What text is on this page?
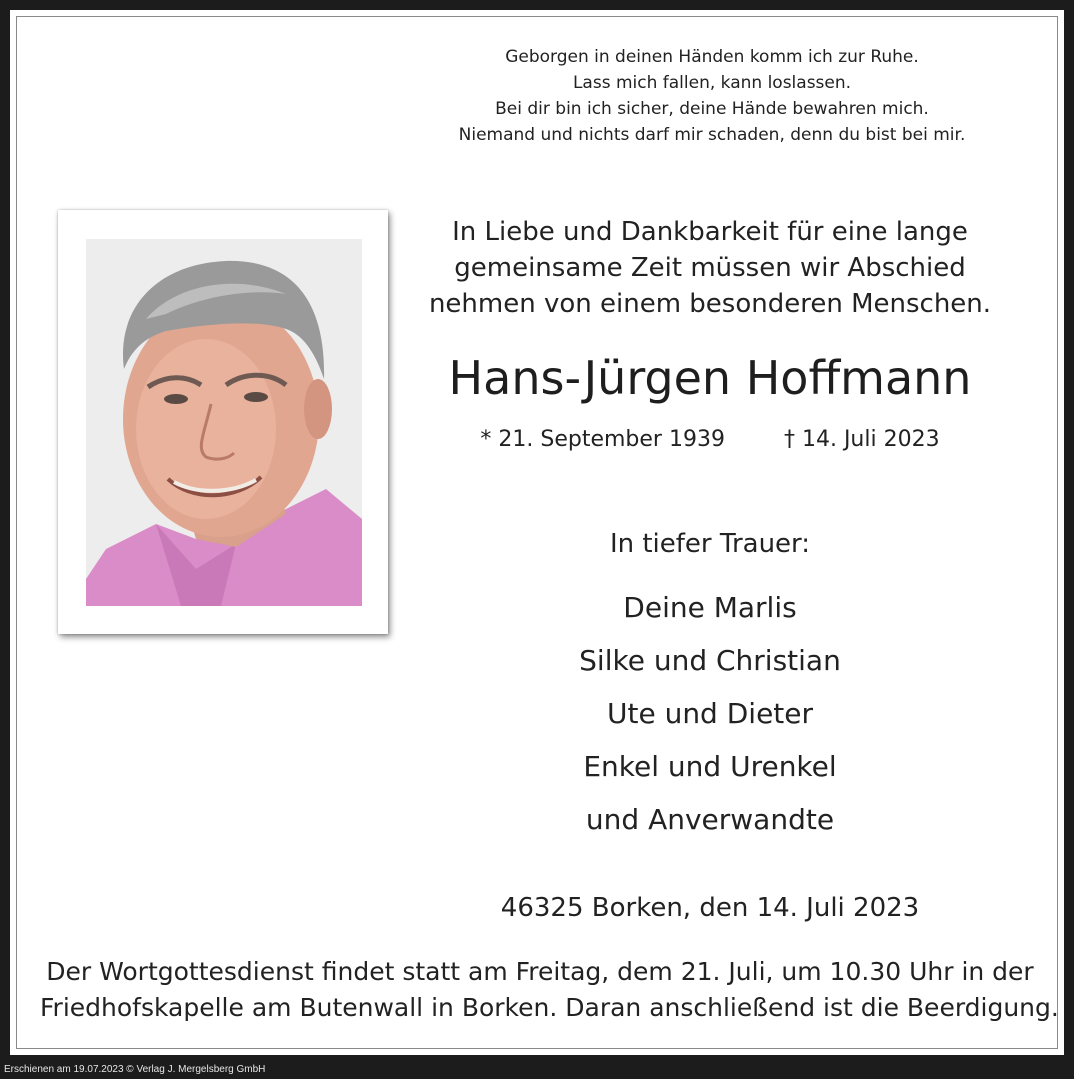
Geborgen in deinen Händen komm ich zur Ruhe.
Lass mich fallen, kann loslassen.
Bei dir bin ich sicher, deine Hände bewahren mich.
Niemand und nichts darf mir schaden, denn du bist bei mir.
In Liebe und Dankbarkeit für eine lange
gemeinsame Zeit müssen wir Abschied
nehmen von einem besonderen Menschen.
Hans-Jürgen Hoffmann
* 21. September 1939	† 14. Juli 2023
In tiefer Trauer:
Deine Marlis
Silke und Christian
Ute und Dieter
Enkel und Urenkel
und Anverwandte
46325 Borken, den 14. Juli 2023
Der Wortgottesdienst findet statt am Freitag, dem 21. Juli, um 10.30 Uhr in der
Friedhofskapelle am Butenwall in Borken. Daran anschließend ist die Beerdigung.
Erschienen am 19.07.2023 © Verlag J. Mergelsberg GmbH
